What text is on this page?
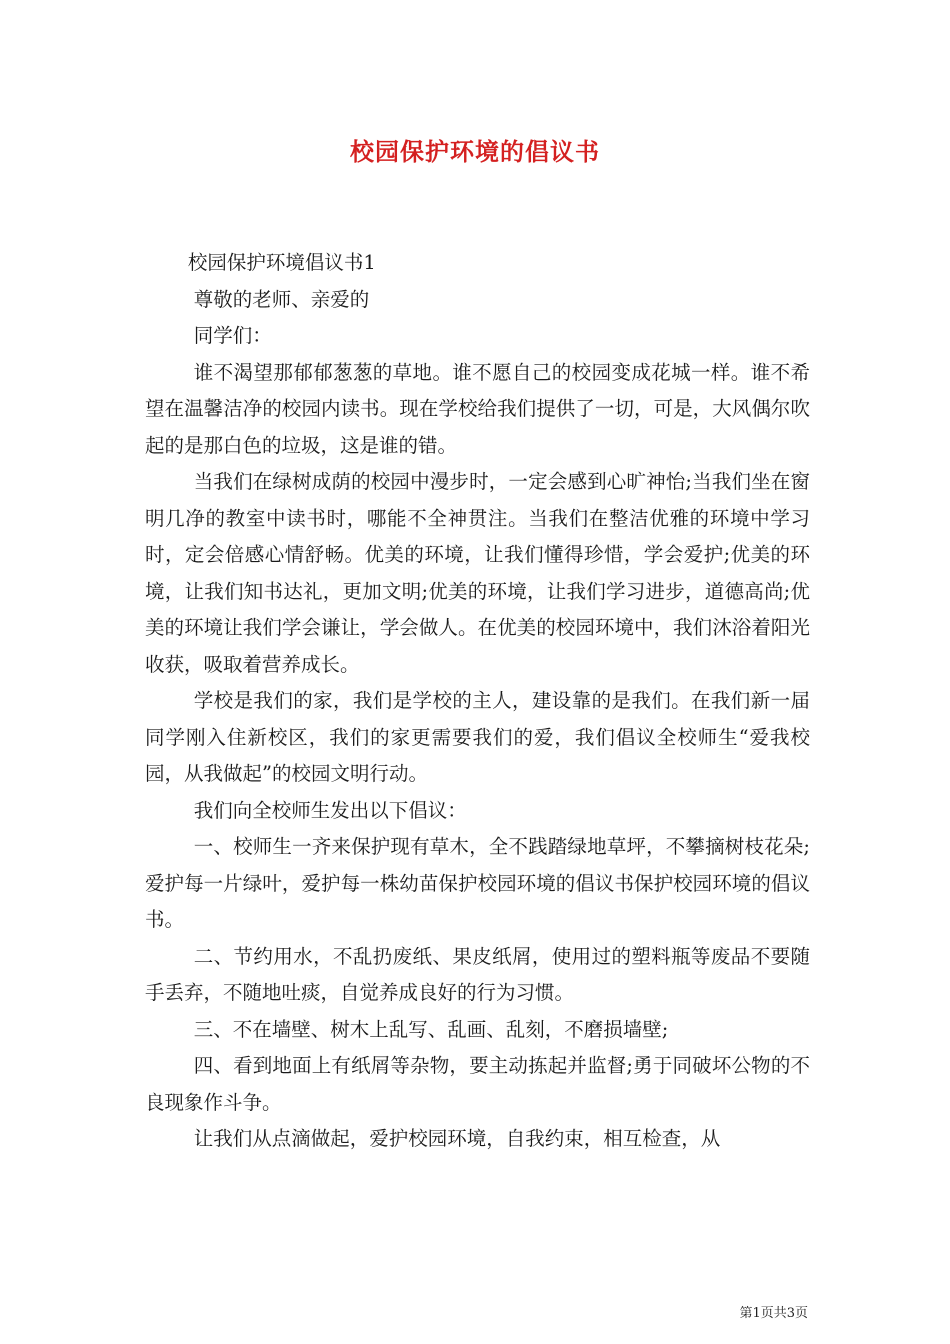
校园保护环境的倡议书

校园保护环境倡议书1

尊敬的老师、亲爱的

同学们：

谁不渴望那郁郁葱葱的草地。谁不愿自己的校园变成花城一样。谁不希望在温馨洁净的校园内读书。现在学校给我们提供了一切，可是，大风偶尔吹起的是那白色的垃圾，这是谁的错。

当我们在绿树成荫的校园中漫步时，一定会感到心旷神怡;当我们坐在窗明几净的教室中读书时，哪能不全神贯注。当我们在整洁优雅的环境中学习时，定会倍感心情舒畅。优美的环境，让我们懂得珍惜，学会爱护;优美的环境，让我们知书达礼，更加文明;优美的环境，让我们学习进步，道德高尚;优美的环境让我们学会谦让，学会做人。在优美的校园环境中，我们沐浴着阳光收获，吸取着营养成长。

学校是我们的家，我们是学校的主人，建设靠的是我们。在我们新一届同学刚入住新校区，我们的家更需要我们的爱，我们倡议全校师生“爱我校园，从我做起”的校园文明行动。

我们向全校师生发出以下倡议：

一、校师生一齐来保护现有草木，全不践踏绿地草坪，不攀摘树枝花朵;爱护每一片绿叶，爱护每一株幼苗保护校园环境的倡议书保护校园环境的倡议书。

二、节约用水，不乱扔废纸、果皮纸屑，使用过的塑料瓶等废品不要随手丢弃，不随地吐痰，自觉养成良好的行为习惯。

三、不在墙壁、树木上乱写、乱画、乱刻，不磨损墙壁;

四、看到地面上有纸屑等杂物，要主动拣起并监督;勇于同破坏公物的不良现象作斗争。

让我们从点滴做起，爱护校园环境，自我约束，相互检查，从

第1页共3页
